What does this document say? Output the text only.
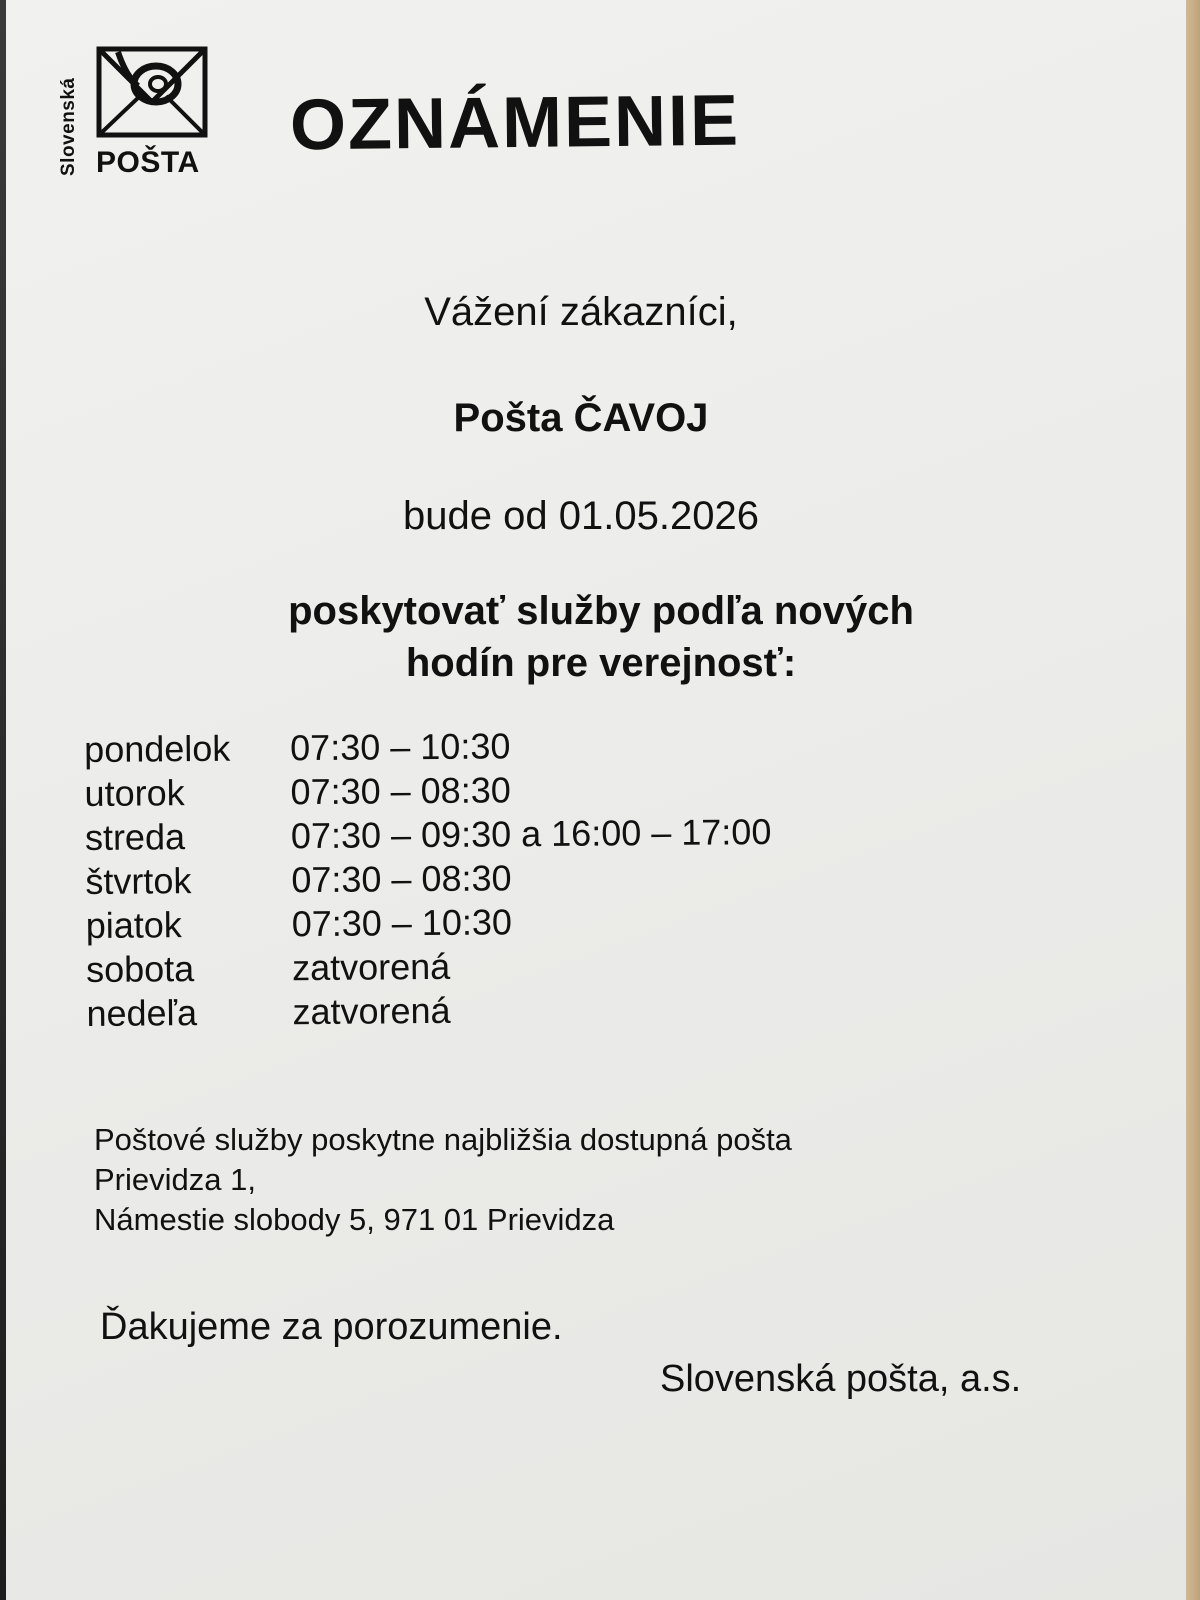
Slovenská POŠTA OZNÁMENIE
Vážení zákazníci,
Pošta ČAVOJ
bude od 01.05.2026
poskytovať služby podľa nových
hodín pre verejnosť:
pondelok	07:30 – 10:30
utorok	07:30 – 08:30
streda	07:30 – 09:30 a 16:00 – 17:00
štvrtok	07:30 – 08:30
piatok	07:30 – 10:30
sobota	zatvorená
nedeľa	zatvorená
Poštové služby poskytne najbližšia dostupná pošta
Prievidza 1,
Námestie slobody 5, 971 01 Prievidza
Ďakujeme za porozumenie.
Slovenská pošta, a.s.
